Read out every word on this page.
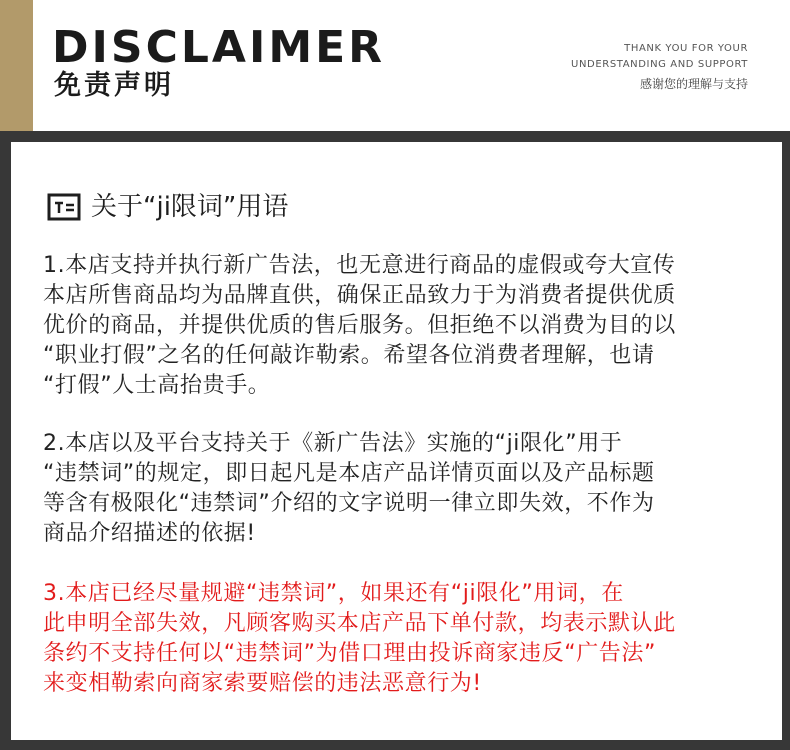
DISCLAIMER
免责声明
THANK YOU FOR YOUR
UNDERSTANDING AND SUPPORT
感谢您的理解与支持
关于“ji限词”用语
1.本店支持并执行新广告法，也无意进行商品的虚假或夸大宣传
本店所售商品均为品牌直供，确保正品致力于为消费者提供优质
优价的商品，并提供优质的售后服务。但拒绝不以消费为目的以
“职业打假”之名的任何敲诈勒索。希望各位消费者理解，也请
“打假”人士高抬贵手。
2.本店以及平台支持关于《新广告法》实施的“ji限化”用于
“违禁词”的规定，即日起凡是本店产品详情页面以及产品标题
等含有极限化“违禁词”介绍的文字说明一律立即失效，不作为
商品介绍描述的依据!
3.本店已经尽量规避“违禁词”，如果还有“ji限化”用词，在
此申明全部失效，凡顾客购买本店产品下单付款，均表示默认此
条约不支持任何以“违禁词”为借口理由投诉商家违反“广告法”
来变相勒索向商家索要赔偿的违法恶意行为!
